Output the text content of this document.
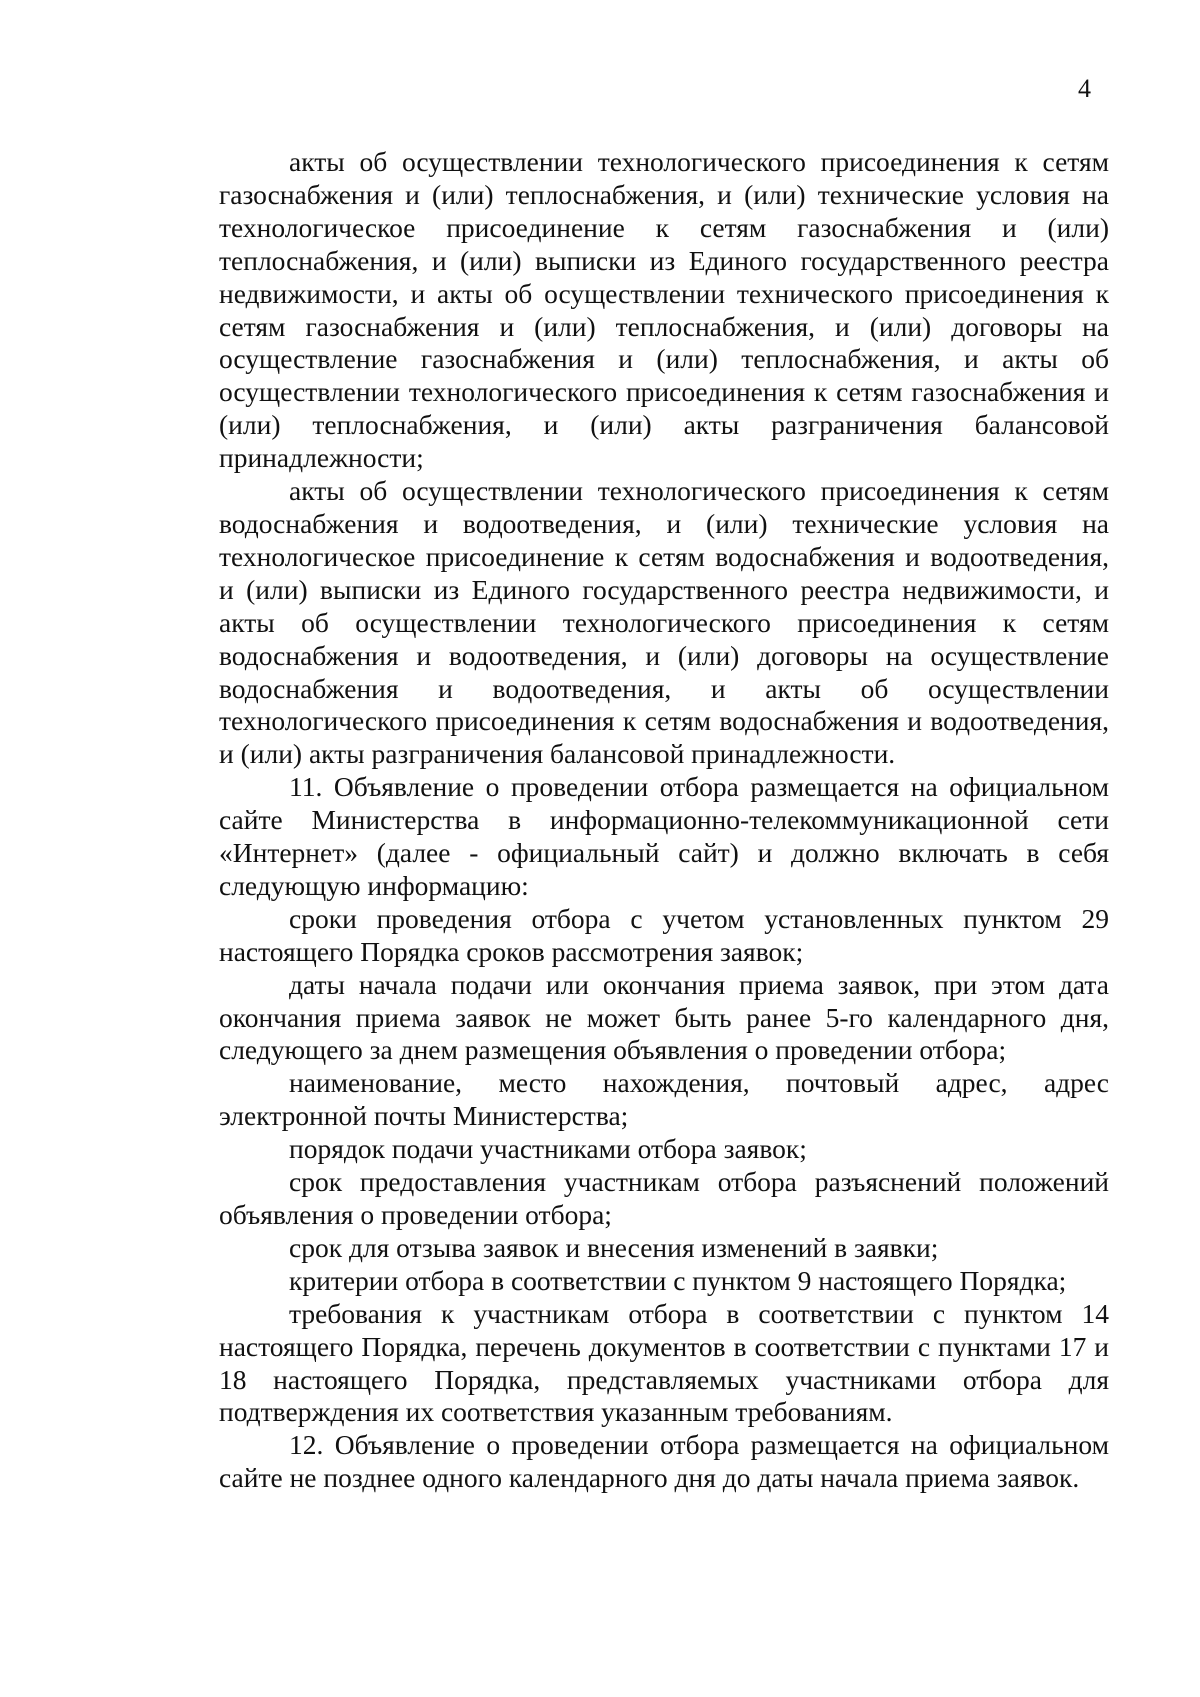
4

акты об осуществлении технологического присоединения к сетям газоснабжения и (или) теплоснабжения, и (или) технические условия на технологическое присоединение к сетям газоснабжения и (или) теплоснабжения, и (или) выписки из Единого государственного реестра недвижимости, и акты об осуществлении технического присоединения к сетям газоснабжения и (или) теплоснабжения, и (или) договоры на осуществление газоснабжения и (или) теплоснабжения, и акты об осуществлении технологического присоединения к сетям газоснабжения и (или) теплоснабжения, и (или) акты разграничения балансовой принадлежности;

акты об осуществлении технологического присоединения к сетям водоснабжения и водоотведения, и (или) технические условия на технологическое присоединение к сетям водоснабжения и водоотведения, и (или) выписки из Единого государственного реестра недвижимости, и акты об осуществлении технологического присоединения к сетям водоснабжения и водоотведения, и (или) договоры на осуществление водоснабжения и водоотведения, и акты об осуществлении технологического присоединения к сетям водоснабжения и водоотведения, и (или) акты разграничения балансовой принадлежности.

11. Объявление о проведении отбора размещается на официальном сайте Министерства в информационно-телекоммуникационной сети «Интернет» (далее - официальный сайт) и должно включать в себя следующую информацию:

сроки проведения отбора с учетом установленных пунктом 29 настоящего Порядка сроков рассмотрения заявок;

даты начала подачи или окончания приема заявок, при этом дата окончания приема заявок не может быть ранее 5-го календарного дня, следующего за днем размещения объявления о проведении отбора;

наименование, место нахождения, почтовый адрес, адрес электронной почты Министерства;

порядок подачи участниками отбора заявок;

срок предоставления участникам отбора разъяснений положений объявления о проведении отбора;

срок для отзыва заявок и внесения изменений в заявки;

критерии отбора в соответствии с пунктом 9 настоящего Порядка;

требования к участникам отбора в соответствии с пунктом 14 настоящего Порядка, перечень документов в соответствии с пунктами 17 и 18 настоящего Порядка, представляемых участниками отбора для подтверждения их соответствия указанным требованиям.

12. Объявление о проведении отбора размещается на официальном сайте не позднее одного календарного дня до даты начала приема заявок.
